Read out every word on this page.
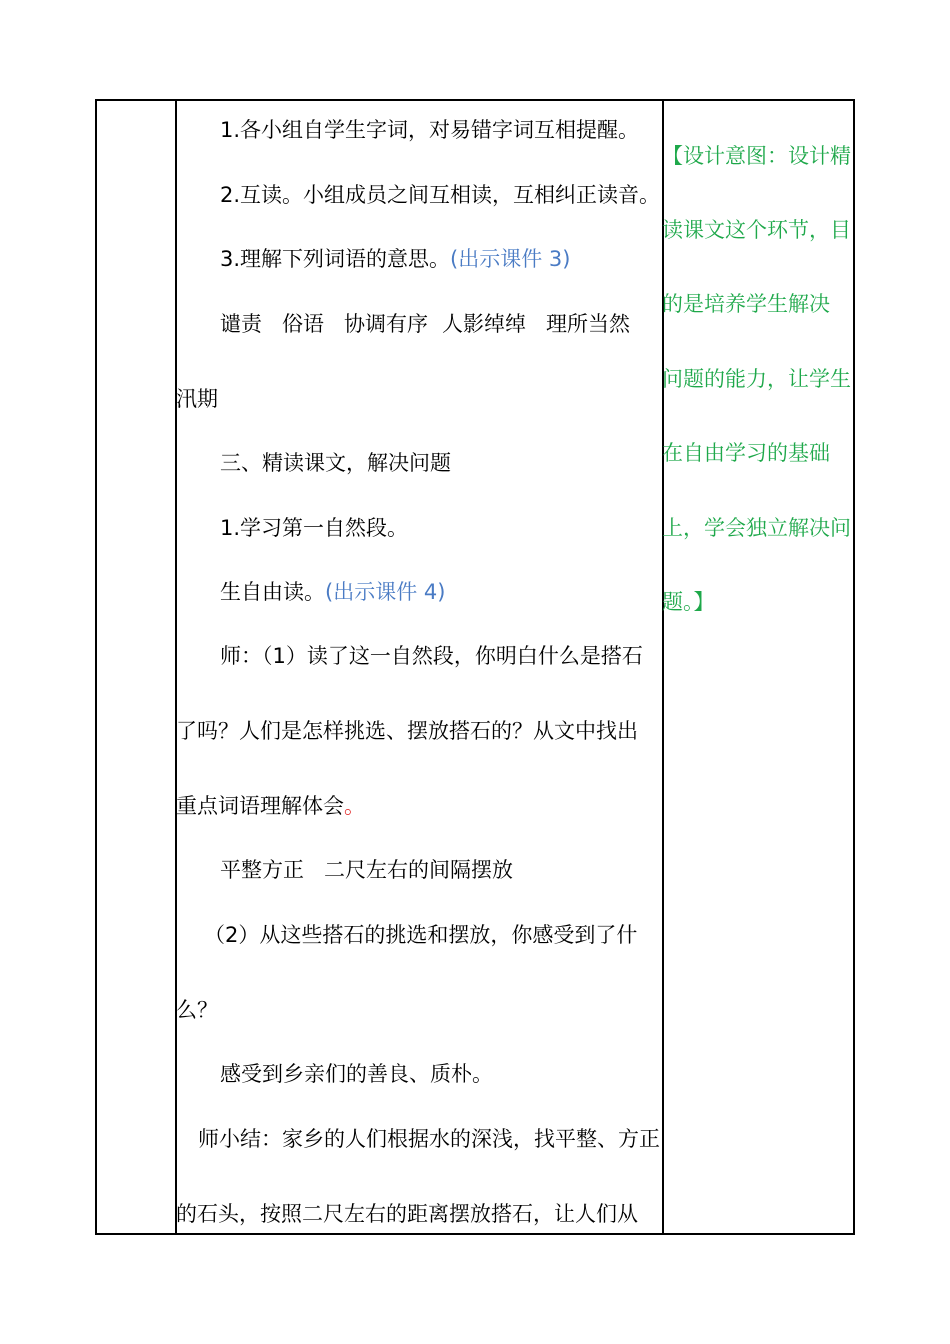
1.各小组自学生字词，对易错字词互相提醒。
2.互读。小组成员之间互相读，互相纠正读音。
3.理解下列词语的意思。(出示课件 3)
谴责 俗语 协调有序 人影绰绰 理所当然
汛期
三、精读课文，解决问题
1.学习第一自然段。
生自由读。(出示课件 4)
师：（1）读了这一自然段，你明白什么是搭石
了吗？人们是怎样挑选、摆放搭石的？从文中找出
重点词语理解体会。
平整方正 二尺左右的间隔摆放
（2）从这些搭石的挑选和摆放，你感受到了什
么？
感受到乡亲们的善良、质朴。
师小结：家乡的人们根据水的深浅，找平整、方正
的石头，按照二尺左右的距离摆放搭石，让人们从
【设计意图：设计精
读课文这个环节，目
的是培养学生解决
问题的能力，让学生
在自由学习的基础
上，学会独立解决问
题。】
